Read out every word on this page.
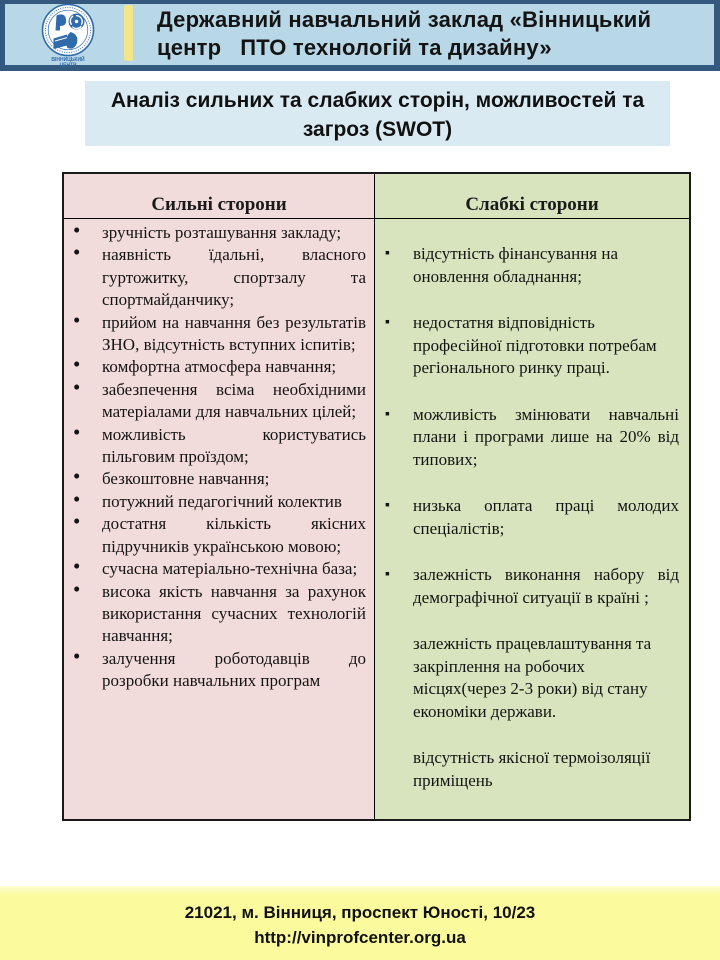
ВІННИЦЬКИЙ
ЦЕНТР
Державний навчальний заклад «Вінницький
центр   ПТО технологій та дизайну»
Аналіз сильних та слабких сторін, можливостей та загроз (SWOT)
Сильні сторони	Слабкі сторони
• зручність розташування закладу;
• наявність їдальні, власного гуртожитку, спортзалу та спортмайданчику;
• прийом на навчання без результатів ЗНО, відсутність вступних іспитів;
• комфортна атмосфера навчання;
• забезпечення всіма необхідними матеріалами для навчальних цілей;
• можливість користуватись пільговим проїздом;
• безкоштовне навчання;
• потужний педагогічний колектив
• достатня кількість якісних підручників українською мовою;
• сучасна матеріально-технічна база;
• висока якість навчання за рахунок використання сучасних технологій навчання;
• залучення роботодавців до розробки навчальних програм
▪ відсутність фінансування на оновлення обладнання;
▪ недостатня відповідність професійної підготовки потребам регіонального ринку праці.
▪ можливість змінювати навчальні плани і програми лише на 20% від типових;
▪ низька оплата праці молодих спеціалістів;
▪ залежність виконання набору від демографічної ситуації в країні ;
залежність працевлаштування та закріплення на робочих місцях(через 2-3 роки) від стану економіки держави.
відсутність якісної термоізоляції приміщень
21021, м. Вінниця, проспект Юності, 10/23
http://vinprofcenter.org.ua
